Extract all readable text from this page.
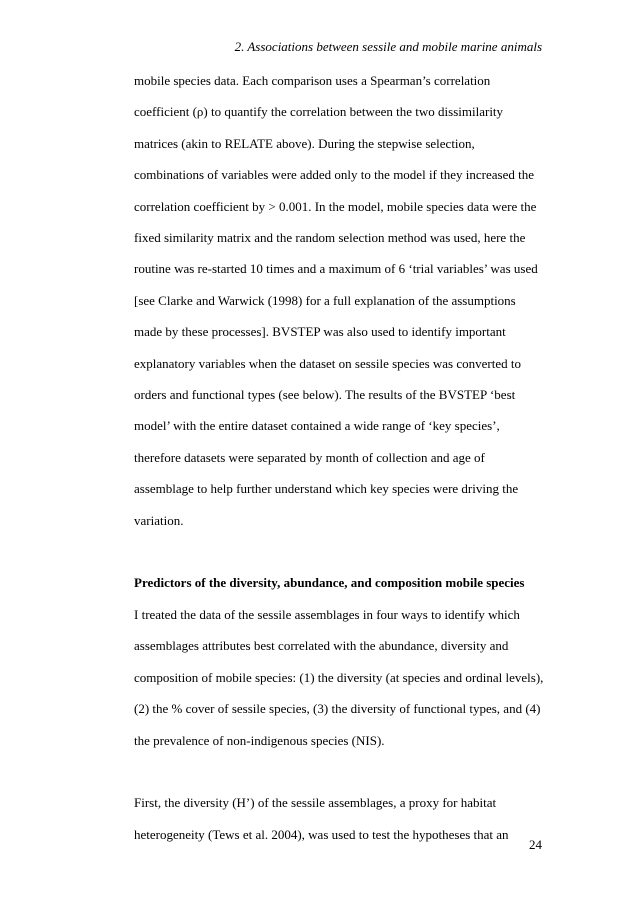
2. Associations between sessile and mobile marine animals

mobile species data. Each comparison uses a Spearman’s correlation

coefficient (ρ) to quantify the correlation between the two dissimilarity

matrices (akin to RELATE above). During the stepwise selection,

combinations of variables were added only to the model if they increased the

correlation coefficient by > 0.001. In the model, mobile species data were the

fixed similarity matrix and the random selection method was used, here the

routine was re-started 10 times and a maximum of 6 ‘trial variables’ was used

[see Clarke and Warwick (1998) for a full explanation of the assumptions

made by these processes]. BVSTEP was also used to identify important

explanatory variables when the dataset on sessile species was converted to

orders and functional types (see below). The results of the BVSTEP ‘best

model’ with the entire dataset contained a wide range of ‘key species’,

therefore datasets were separated by month of collection and age of

assemblage to help further understand which key species were driving the

variation.

Predictors of the diversity, abundance, and composition mobile species

I treated the data of the sessile assemblages in four ways to identify which

assemblages attributes best correlated with the abundance, diversity and

composition of mobile species: (1) the diversity (at species and ordinal levels),

(2) the % cover of sessile species, (3) the diversity of functional types, and (4)

the prevalence of non-indigenous species (NIS).

First, the diversity (H’) of the sessile assemblages, a proxy for habitat

heterogeneity (Tews et al. 2004), was used to test the hypotheses that an

24
